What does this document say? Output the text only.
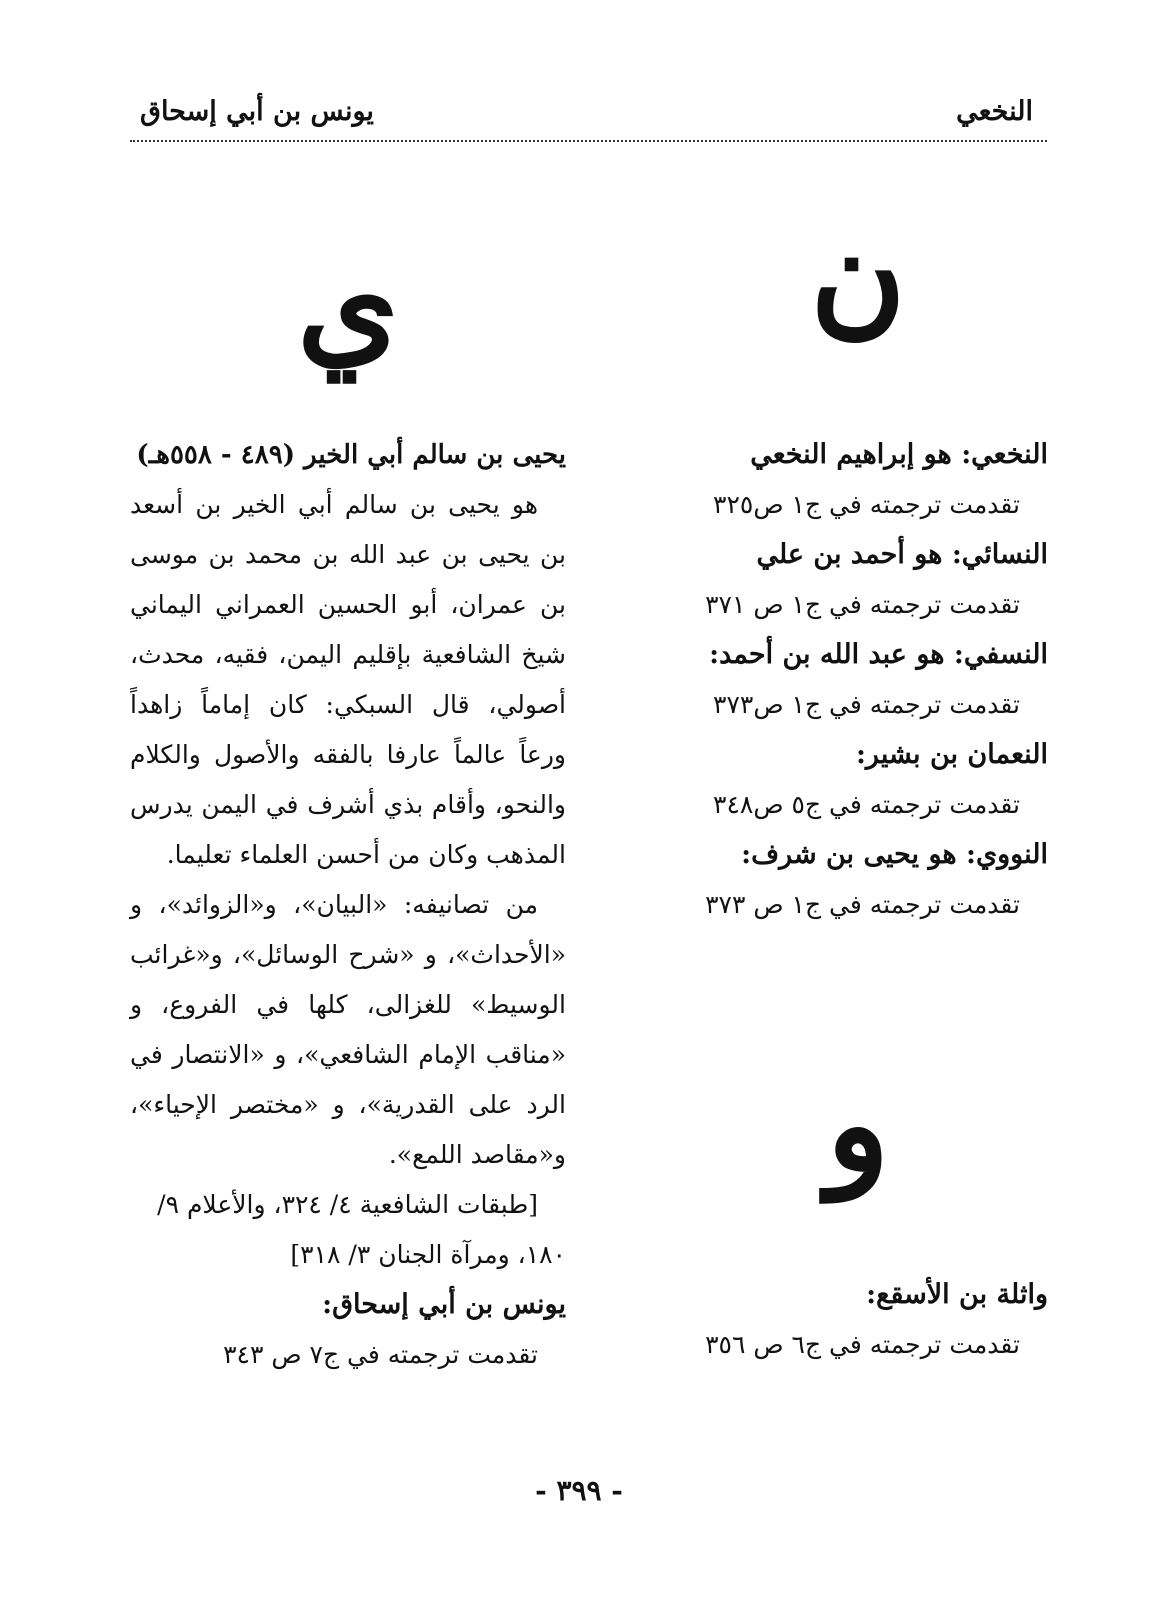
النخعي
يونس بن أبي إسحاق
ن
النخعي: هو إبراهيم النخعي
تقدمت ترجمته في ج١ ص٣٢٥
النسائي: هو أحمد بن علي
تقدمت ترجمته في ج١ ص ٣٧١
النسفي: هو عبد الله بن أحمد:
تقدمت ترجمته في ج١ ص٣٧٣
النعمان بن بشير:
تقدمت ترجمته في ج٥ ص٣٤٨
النووي: هو يحيى بن شرف:
تقدمت ترجمته في ج١ ص ٣٧٣
و
واثلة بن الأسقع:
تقدمت ترجمته في ج٦ ص ٣٥٦
ي
يحيى بن سالم أبي الخير (٤٨٩ - ٥٥٨هـ)

هو يحيى بن سالم أبي الخير بن أسعد بن يحيى بن عبد الله بن محمد بن موسى بن عمران، أبو الحسين العمراني اليماني شيخ الشافعية بإقليم اليمن، فقيه، محدث، أصولي، قال السبكي: كان إماماً زاهداً ورعاً عالماً عارفا بالفقه والأصول والكلام والنحو، وأقام بذي أشرف في اليمن يدرس المذهب وكان من أحسن العلماء تعليما.

من تصانيفه: «البيان»، و«الزوائد»، و «الأحداث»، و «شرح الوسائل»، و«غرائب الوسيط» للغزالى، كلها في الفروع، و «مناقب الإمام الشافعي»، و «الانتصار في الرد على القدرية»، و «مختصر الإحياء»، و«مقاصد اللمع».

[طبقات الشافعية ٤/ ٣٢٤، والأعلام ٩/ ١٨٠، ومرآة الجنان ٣/ ٣١٨]

يونس بن أبي إسحاق:
تقدمت ترجمته في ج٧ ص ٣٤٣
- ٣٩٩ -
